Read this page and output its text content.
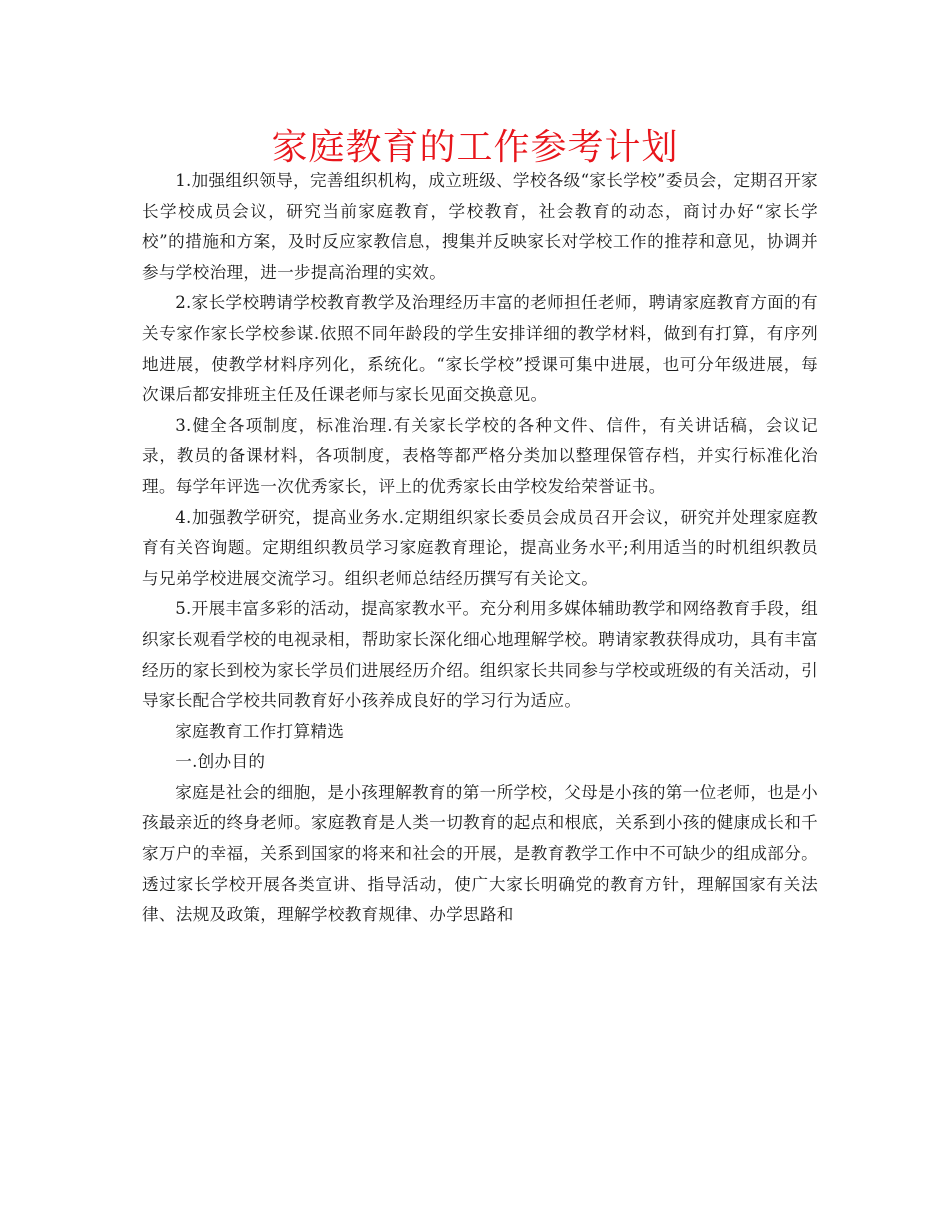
家庭教育的工作参考计划

1.加强组织领导，完善组织机构，成立班级、学校各级“家长学校”委员会，定期召开家长学校成员会议，研究当前家庭教育，学校教育，社会教育的动态，商讨办好“家长学校”的措施和方案，及时反应家教信息，搜集并反映家长对学校工作的推荐和意见，协调并参与学校治理，进一步提高治理的实效。

2.家长学校聘请学校教育教学及治理经历丰富的老师担任老师，聘请家庭教育方面的有关专家作家长学校参谋.依照不同年龄段的学生安排详细的教学材料，做到有打算，有序列地进展，使教学材料序列化，系统化。“家长学校”授课可集中进展，也可分年级进展，每次课后都安排班主任及任课老师与家长见面交换意见。

3.健全各项制度，标准治理.有关家长学校的各种文件、信件，有关讲话稿，会议记录，教员的备课材料，各项制度，表格等都严格分类加以整理保管存档，并实行标准化治理。每学年评选一次优秀家长，评上的优秀家长由学校发给荣誉证书。

4.加强教学研究，提高业务水.定期组织家长委员会成员召开会议，研究并处理家庭教育有关咨询题。定期组织教员学习家庭教育理论，提高业务水平;利用适当的时机组织教员与兄弟学校进展交流学习。组织老师总结经历撰写有关论文。

5.开展丰富多彩的活动，提高家教水平。充分利用多媒体辅助教学和网络教育手段，组织家长观看学校的电视录相，帮助家长深化细心地理解学校。聘请家教获得成功，具有丰富经历的家长到校为家长学员们进展经历介绍。组织家长共同参与学校或班级的有关活动，引导家长配合学校共同教育好小孩养成良好的学习行为适应。

家庭教育工作打算精选

一.创办目的

家庭是社会的细胞，是小孩理解教育的第一所学校，父母是小孩的第一位老师，也是小孩最亲近的终身老师。家庭教育是人类一切教育的起点和根底，关系到小孩的健康成长和千家万户的幸福，关系到国家的将来和社会的开展，是教育教学工作中不可缺少的组成部分。透过家长学校开展各类宣讲、指导活动，使广大家长明确党的教育方针，理解国家有关法律、法规及政策，理解学校教育规律、办学思路和
